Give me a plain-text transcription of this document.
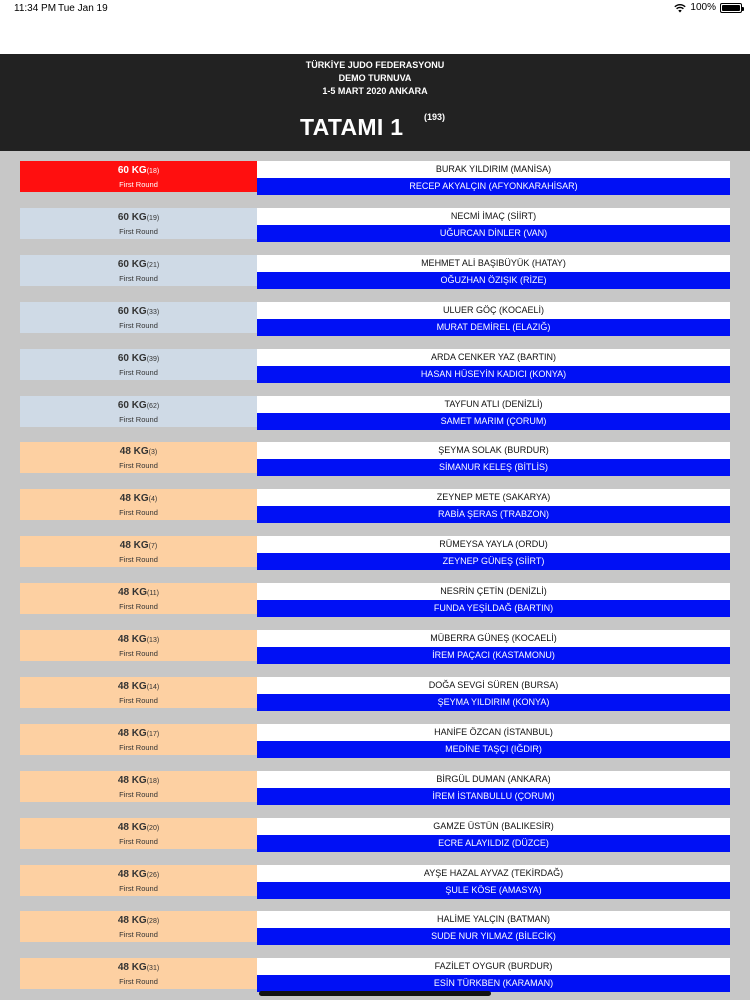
11:34 PM Tue Jan 19	100%
TÜRKİYE JUDO FEDERASYONU
DEMO TURNUVA
1-5 MART 2020 ANKARA
TATAMI 1 (193)
60 KG(18)
First Round
BURAK YILDIRIM (MANİSA)
RECEP AKYALÇIN (AFYONKARAHİSAR)
60 KG(19)
First Round
NECMİ İMAÇ (SİİRT)
UĞURCAN DİNLER (VAN)
60 KG(21)
First Round
MEHMET ALİ BAŞIBÜYÜK (HATAY)
OĞUZHAN ÖZIŞIK (RİZE)
60 KG(33)
First Round
ULUER GÖÇ (KOCAELİ)
MURAT DEMİREL (ELAZIĞ)
60 KG(39)
First Round
ARDA CENKER YAZ (BARTIN)
HASAN HÜSEYİN KADICI (KONYA)
60 KG(62)
First Round
TAYFUN ATLI (DENİZLİ)
SAMET MARIM (ÇORUM)
48 KG(3)
First Round
ŞEYMA SOLAK (BURDUR)
SİMANUR KELEŞ (BİTLİS)
48 KG(4)
First Round
ZEYNEP METE (SAKARYA)
RABİA ŞERAS (TRABZON)
48 KG(7)
First Round
RÜMEYSA YAYLA (ORDU)
ZEYNEP GÜNEŞ (SİİRT)
48 KG(11)
First Round
NESRİN ÇETİN (DENİZLİ)
FUNDA YEŞİLDAĞ (BARTIN)
48 KG(13)
First Round
MÜBERRA GÜNEŞ (KOCAELİ)
İREM PAÇACI (KASTAMONU)
48 KG(14)
First Round
DOĞA SEVGİ SÜREN (BURSA)
ŞEYMA YILDIRIM (KONYA)
48 KG(17)
First Round
HANİFE ÖZCAN (İSTANBUL)
MEDİNE TAŞÇI (IĞDIR)
48 KG(18)
First Round
BİRGÜL DUMAN (ANKARA)
İREM İSTANBULLU (ÇORUM)
48 KG(20)
First Round
GAMZE ÜSTÜN (BALIKESİR)
ECRE ALAYILDIZ (DÜZCE)
48 KG(26)
First Round
AYŞE HAZAL AYVAZ (TEKİRDAĞ)
ŞULE KÖSE (AMASYA)
48 KG(28)
First Round
HALİME YALÇIN (BATMAN)
SUDE NUR YILMAZ (BİLECİK)
48 KG(31)
First Round
FAZİLET OYGUR (BURDUR)
ESİN TÜRKBEN (KARAMAN)
